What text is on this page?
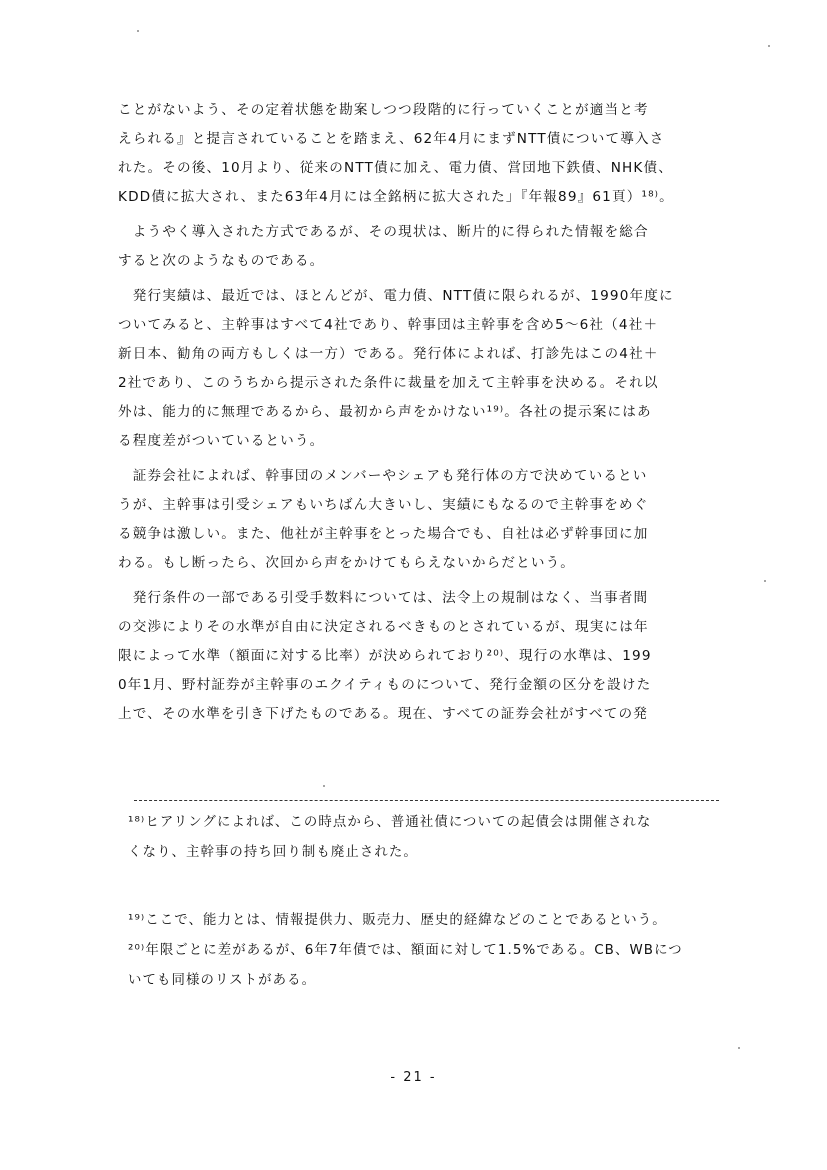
ことがないよう、その定着状態を勘案しつつ段階的に行っていくことが適当と考
えられる』と提言されていることを踏まえ、62年4月にまずNTT債について導入さ
れた。その後、10月より、従来のNTT債に加え、電力債、営団地下鉄債、NHK債、
KDD債に拡大され、また63年4月には全銘柄に拡大された」『年報89』61頁）¹⁸⁾。
　ようやく導入された方式であるが、その現状は、断片的に得られた情報を総合
すると次のようなものである。
　発行実績は、最近では、ほとんどが、電力債、NTT債に限られるが、1990年度に
ついてみると、主幹事はすべて4社であり、幹事団は主幹事を含め5～6社（4社＋
新日本、勧角の両方もしくは一方）である。発行体によれば、打診先はこの4社＋
2社であり、このうちから提示された条件に裁量を加えて主幹事を決める。それ以
外は、能力的に無理であるから、最初から声をかけない¹⁹⁾。各社の提示案にはあ
る程度差がついているという。
　証券会社によれば、幹事団のメンバーやシェアも発行体の方で決めているとい
うが、主幹事は引受シェアもいちばん大きいし、実績にもなるので主幹事をめぐ
る競争は激しい。また、他社が主幹事をとった場合でも、自社は必ず幹事団に加
わる。もし断ったら、次回から声をかけてもらえないからだという。
　発行条件の一部である引受手数料については、法令上の規制はなく、当事者間
の交渉によりその水準が自由に決定されるべきものとされているが、現実には年
限によって水準（額面に対する比率）が決められており²⁰⁾、現行の水準は、199
0年1月、野村証券が主幹事のエクイティものについて、発行金額の区分を設けた
上で、その水準を引き下げたものである。現在、すべての証券会社がすべての発
¹⁸⁾ヒアリングによれば、この時点から、普通社債についての起債会は開催されな
くなり、主幹事の持ち回り制も廃止された。
¹⁹⁾ここで、能力とは、情報提供力、販売力、歴史的経緯などのことであるという。
²⁰⁾年限ごとに差があるが、6年7年債では、額面に対して1.5%である。CB、WBにつ
いても同様のリストがある。
- 21 -
